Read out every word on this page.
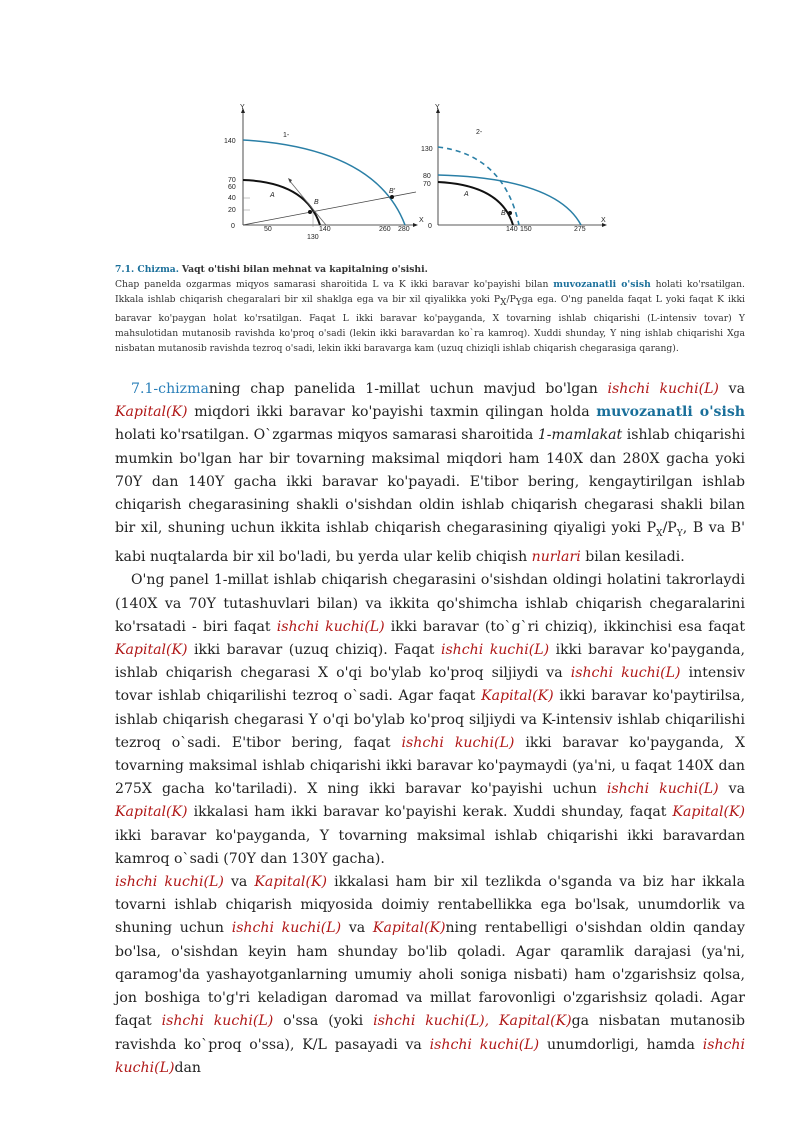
Y
X
1-
140
70
60
40
20
0	50
130
140	260 280
A
B
B'
Y
X
2-
130
80
70
0	140 150	275
A
B
7.1. Chizma. Vaqt o'tishi bilan mehnat va kapitalning o'sishi.
Chap panelda ozgarmas miqyos samarasi sharoitida L va K ikki baravar ko'payishi bilan muvozanatli o'sish holati ko'rsatilgan. Ikkala ishlab chiqarish chegaralari bir xil shaklga ega va bir xil qiyalikka yoki $P_X/P_Yga$ ega. O'ng panelda faqat L yoki faqat K ikki baravar ko'paygan holat ko'rsatilgan. Faqat L ikki baravar ko'payganda, X tovarning ishlab chiqarishi (L-intensiv tovar) Y mahsulotidan mutanosib ravishda ko'proq o'sadi (lekin ikki baravardan ko`ra kamroq). Xuddi shunday, Y ning ishlab chiqarishi Xga nisbatan mutanosib ravishda tezroq o'sadi, lekin ikki baravarga kam (uzuq chiziqli ishlab chiqarish chegarasiga qarang).

7.1-chizmaning chap panelida 1-millat uchun mavjud bo'lgan ishchi kuchi(L) va Kapital(K) miqdori ikki baravar ko'payishi taxmin qilingan holda muvozanatli o'sish holati ko'rsatilgan. O`zgarmas miqyos samarasi sharoitida 1-mamlakat ishlab chiqarishi mumkin bo'lgan har bir tovarning maksimal miqdori ham 140X dan 280X gacha yoki 70Y dan 140Y gacha ikki baravar ko'payadi. E'tibor bering, kengaytirilgan ishlab chiqarish chegarasining shakli o'sishdan oldin ishlab chiqarish chegarasi shakli bilan bir xil, shuning uchun ikkita ishlab chiqarish chegarasining qiyaligi yoki $P_X/P_Y$, B va B' kabi nuqtalarda bir xil bo'ladi, bu yerda ular kelib chiqish nurlari bilan kesiladi.

O'ng panel 1-millat ishlab chiqarish chegarasini o'sishdan oldingi holatini takrorlaydi (140X va 70Y tutashuvlari bilan) va ikkita qo'shimcha ishlab chiqarish chegaralarini ko'rsatadi - biri faqat ishchi kuchi(L) ikki baravar (to`g`ri chiziq), ikkinchisi esa faqat Kapital(K) ikki baravar (uzuq chiziq). Faqat ishchi kuchi(L) ikki baravar ko'payganda, ishlab chiqarish chegarasi X o'qi bo'ylab ko'proq siljiydi va ishchi kuchi(L) intensiv tovar ishlab chiqarilishi tezroq o`sadi. Agar faqat Kapital(K) ikki baravar ko'paytirilsa, ishlab chiqarish chegarasi Y o'qi bo'ylab ko'proq siljiydi va K-intensiv ishlab chiqarilishi tezroq o`sadi. E'tibor bering, faqat ishchi kuchi(L) ikki baravar ko'payganda, X tovarning maksimal ishlab chiqarishi ikki baravar ko'paymaydi (ya'ni, u faqat 140X dan 275X gacha ko'tariladi). X ning ikki baravar ko'payishi uchun ishchi kuchi(L) va Kapital(K) ikkalasi ham ikki baravar ko'payishi kerak. Xuddi shunday, faqat Kapital(K) ikki baravar ko'payganda, Y tovarning maksimal ishlab chiqarishi ikki baravardan kamroq o`sadi (70Y dan 130Y gacha).

ishchi kuchi(L) va Kapital(K) ikkalasi ham bir xil tezlikda o'sganda va biz har ikkala tovarni ishlab chiqarish miqyosida doimiy rentabellikka ega bo'lsak, unumdorlik va shuning uchun ishchi kuchi(L) va Kapital(K)ning rentabelligi o'sishdan oldin qanday bo'lsa, o'sishdan keyin ham shunday bo'lib qoladi. Agar qaramlik darajasi (ya'ni, qaramog'da yashayotganlarning umumiy aholi soniga nisbati) ham o'zgarishsiz qolsa, jon boshiga to'g'ri keladigan daromad va millat farovonligi o'zgarishsiz qoladi. Agar faqat ishchi kuchi(L) o'ssa (yoki ishchi kuchi(L), Kapital(K)ga nisbatan mutanosib ravishda ko`proq o'ssa), K/L pasayadi va ishchi kuchi(L) unumdorligi, hamda ishchi kuchi(L)dan
